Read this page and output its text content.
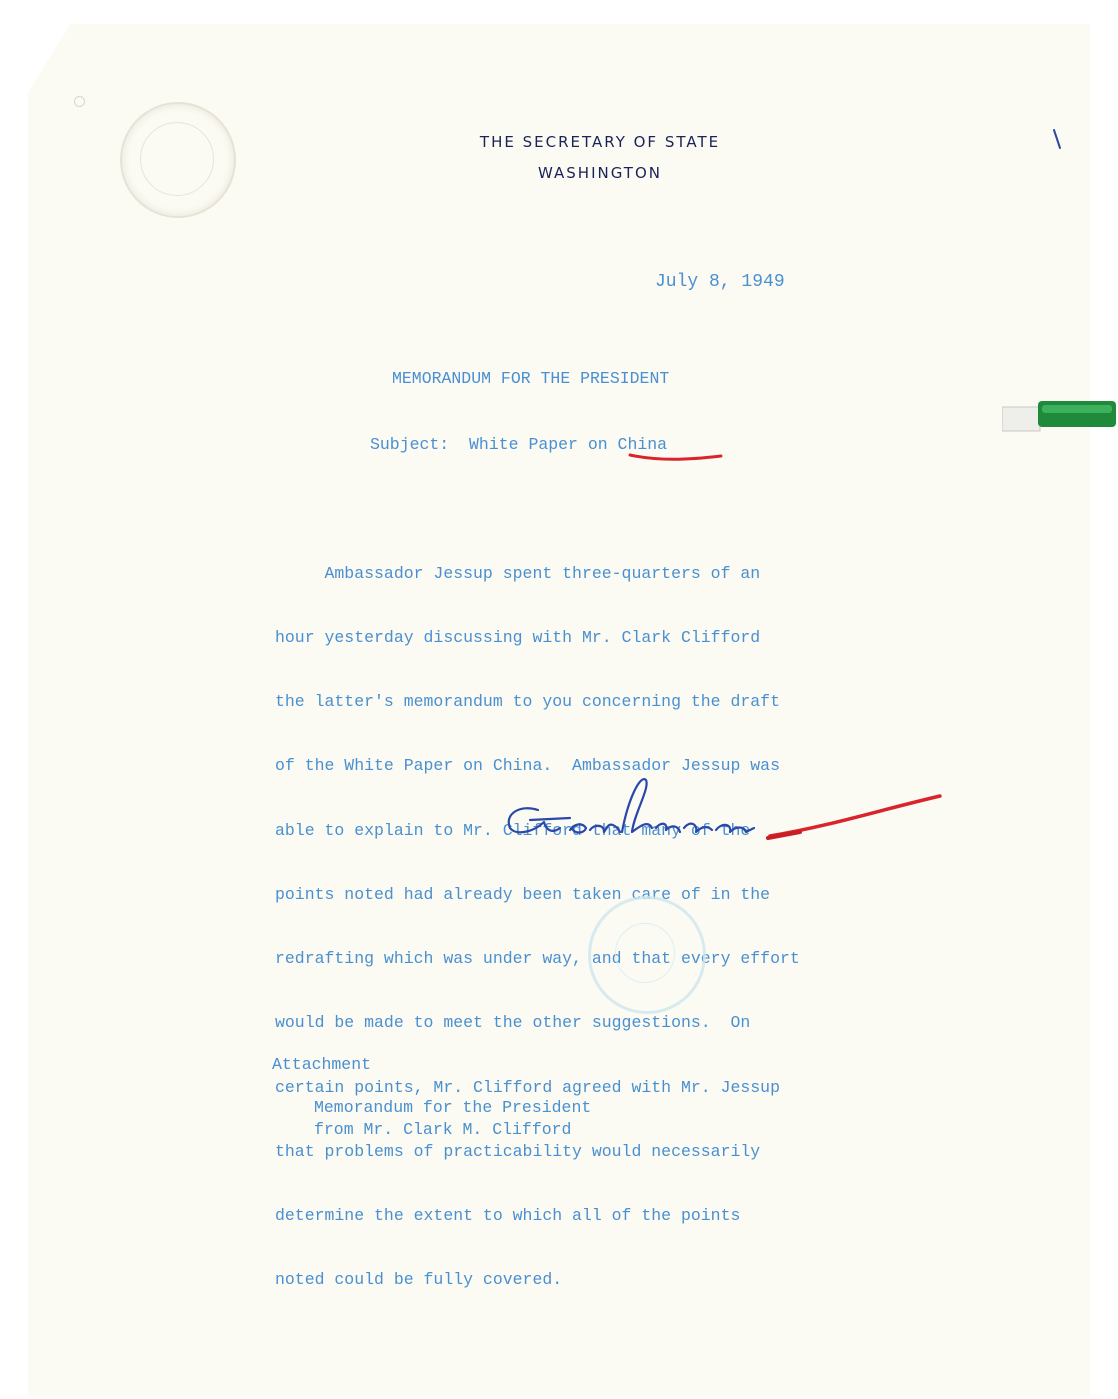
THE SECRETARY OF STATE
WASHINGTON
July 8, 1949
MEMORANDUM FOR THE PRESIDENT
Subject: White Paper on China

Ambassador Jessup spent three-quarters of an

hour yesterday discussing with Mr. Clark Clifford

the latter's memorandum to you concerning the draft

of the White Paper on China.  Ambassador Jessup was

able to explain to Mr. Clifford that many of the

points noted had already been taken care of in the

redrafting which was under way, and that every effort

would be made to meet the other suggestions.  On

certain points, Mr. Clifford agreed with Mr. Jessup

that problems of practicability would necessarily

determine the extent to which all of the points

noted could be fully covered.

Attachment
Memorandum for the President
from Mr. Clark M. Clifford
